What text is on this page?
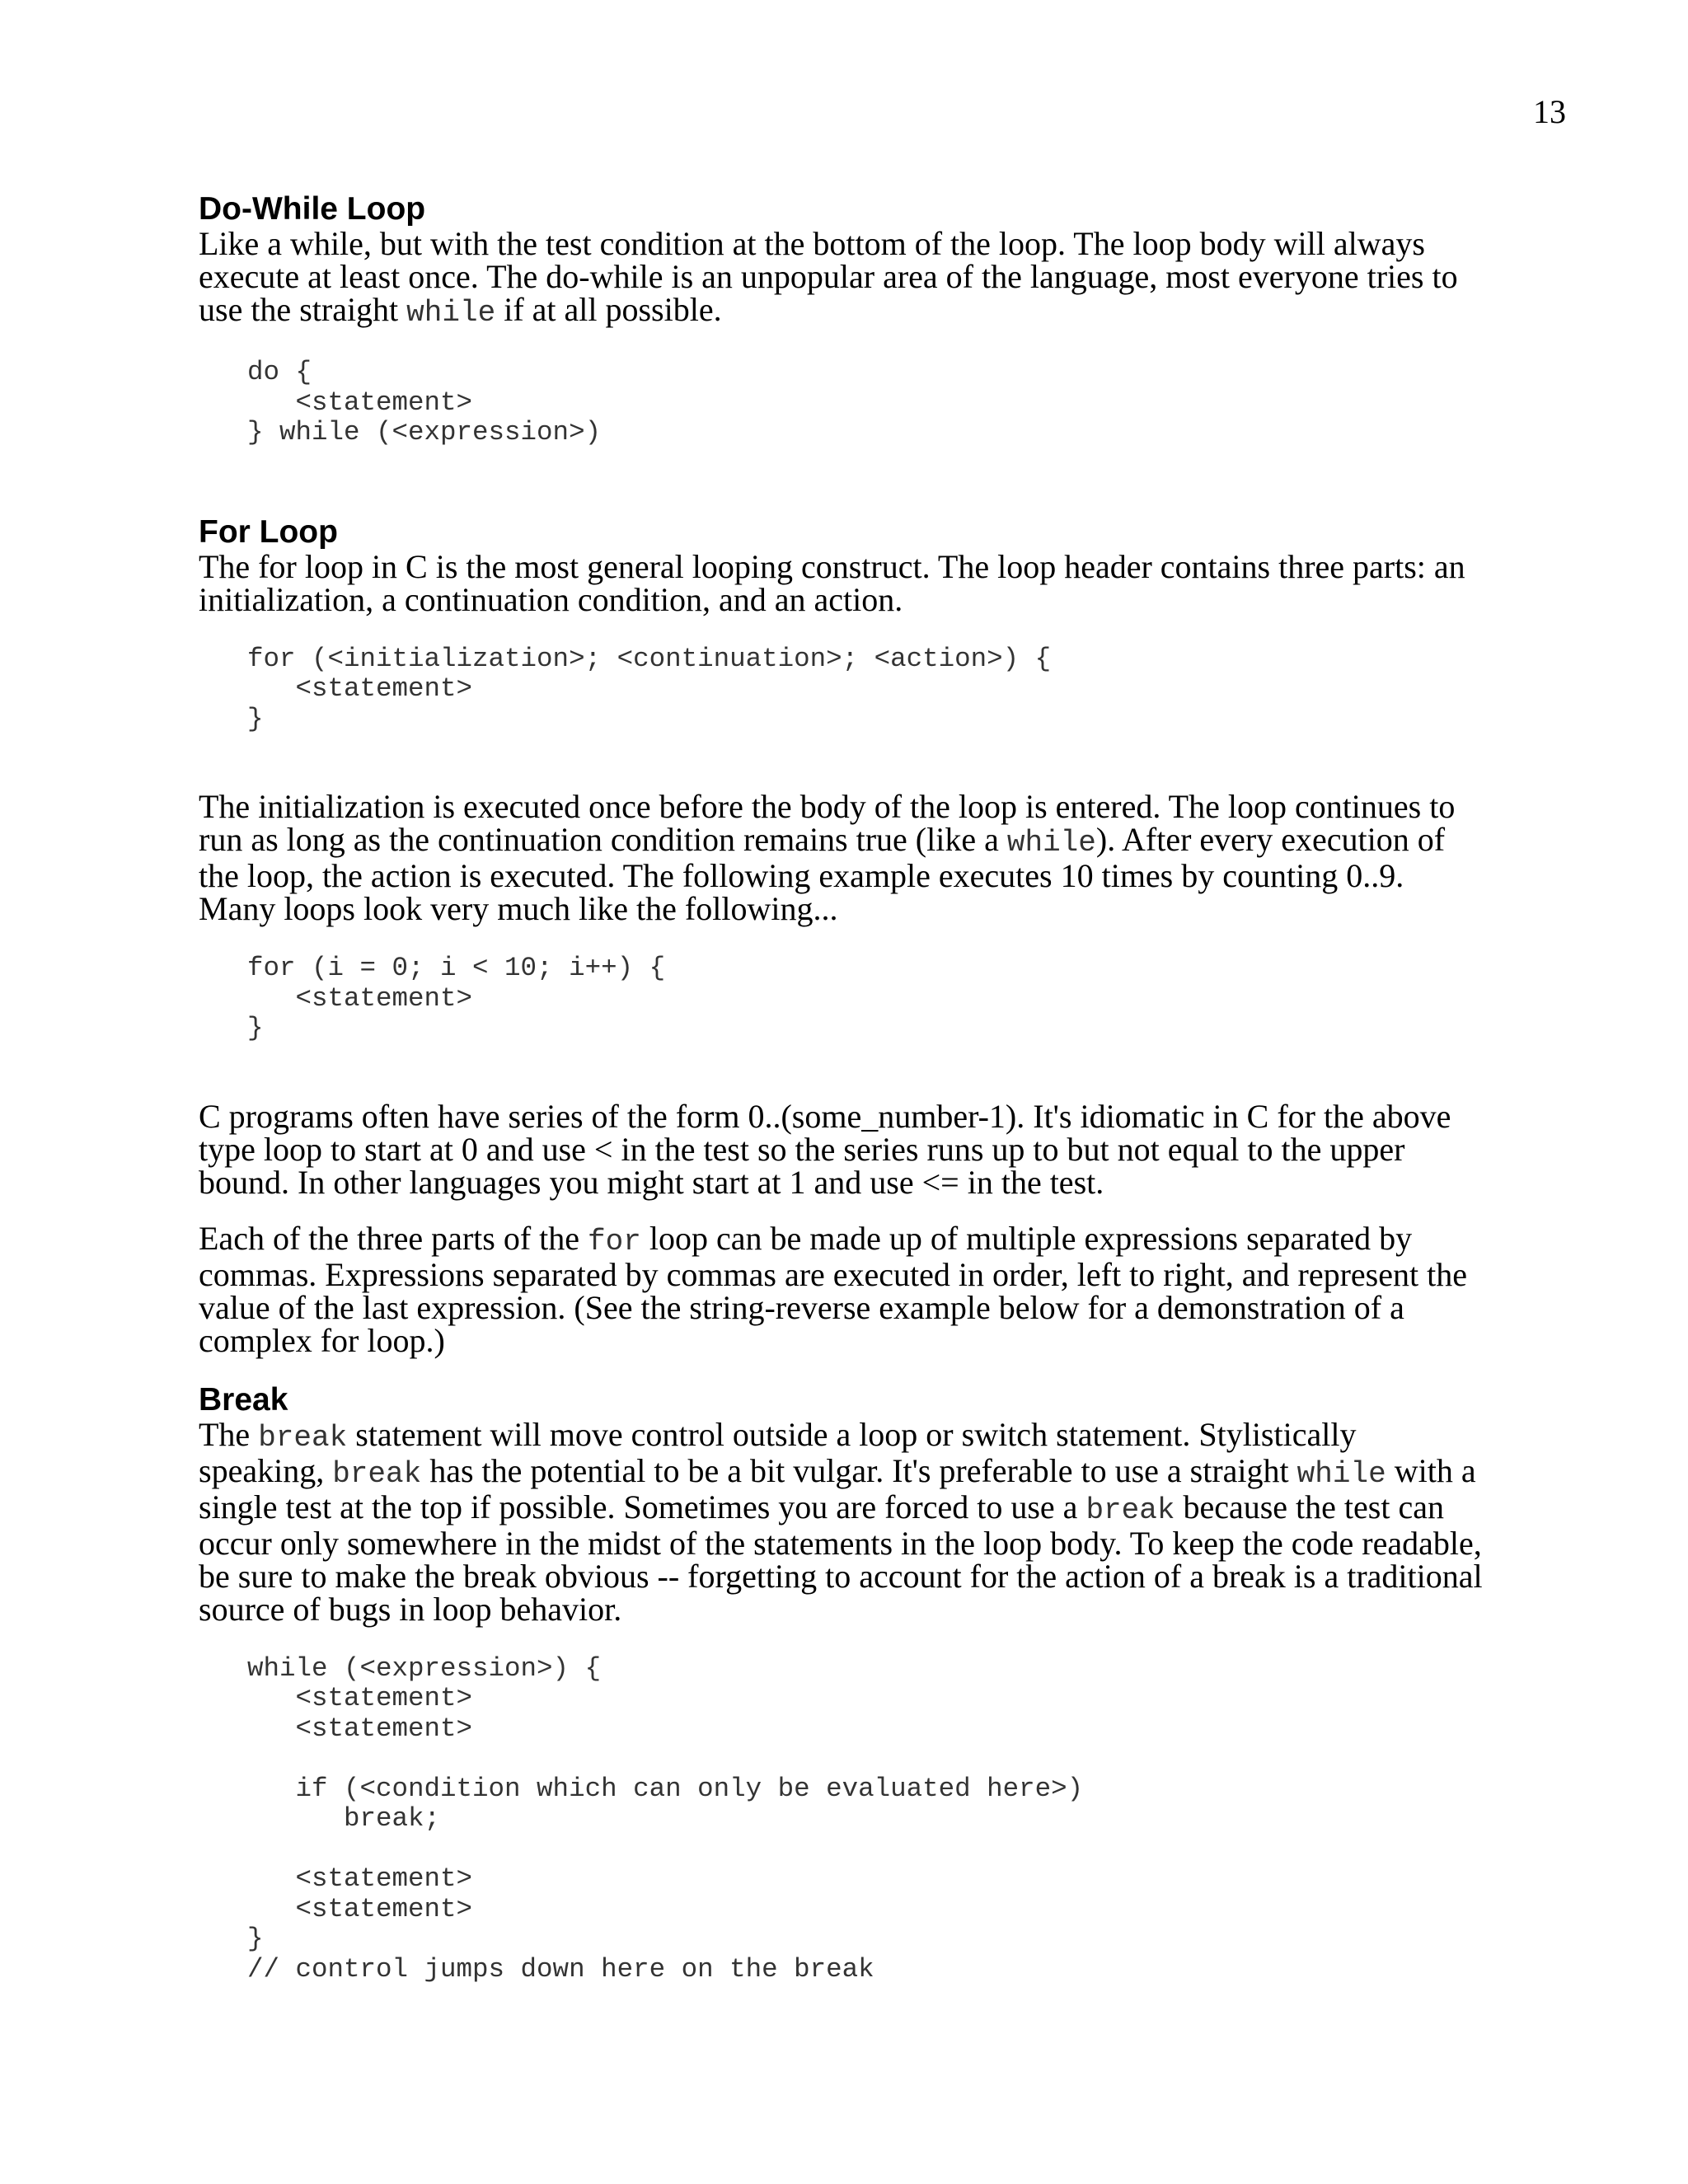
13
Do-While Loop

Like a while, but with the test condition at the bottom of the loop. The loop body will always execute at least once. The do-while is an unpopular area of the language, most everyone tries to use the straight while if at all possible.

do {
<statement>
} while (<expression>)
For Loop

The for loop in C is the most general looping construct. The loop header contains three parts: an initialization, a continuation condition, and an action.

for (<initialization>; <continuation>; <action>) {
<statement>
}

The initialization is executed once before the body of the loop is entered. The loop continues to run as long as the continuation condition remains true (like a while). After every execution of the loop, the action is executed. The following example executes 10 times by counting 0..9. Many loops look very much like the following...

for (i = 0; i < 10; i++) {
<statement>
}

C programs often have series of the form 0..(some_number-1). It's idiomatic in C for the above type loop to start at 0 and use < in the test so the series runs up to but not equal to the upper bound. In other languages you might start at 1 and use <= in the test.

Each of the three parts of the for loop can be made up of multiple expressions separated by commas. Expressions separated by commas are executed in order, left to right, and represent the value of the last expression. (See the string-reverse example below for a demonstration of a complex for loop.)

Break

The break statement will move control outside a loop or switch statement. Stylistically speaking, break has the potential to be a bit vulgar. It's preferable to use a straight while with a single test at the top if possible. Sometimes you are forced to use a break because the test can occur only somewhere in the midst of the statements in the loop body. To keep the code readable, be sure to make the break obvious -- forgetting to account for the action of a break is a traditional source of bugs in loop behavior.

while (<expression>) {
<statement>
<statement>

if (<condition which can only be evaluated here>)
break;

<statement>
<statement>
}
// control jumps down here on the break
